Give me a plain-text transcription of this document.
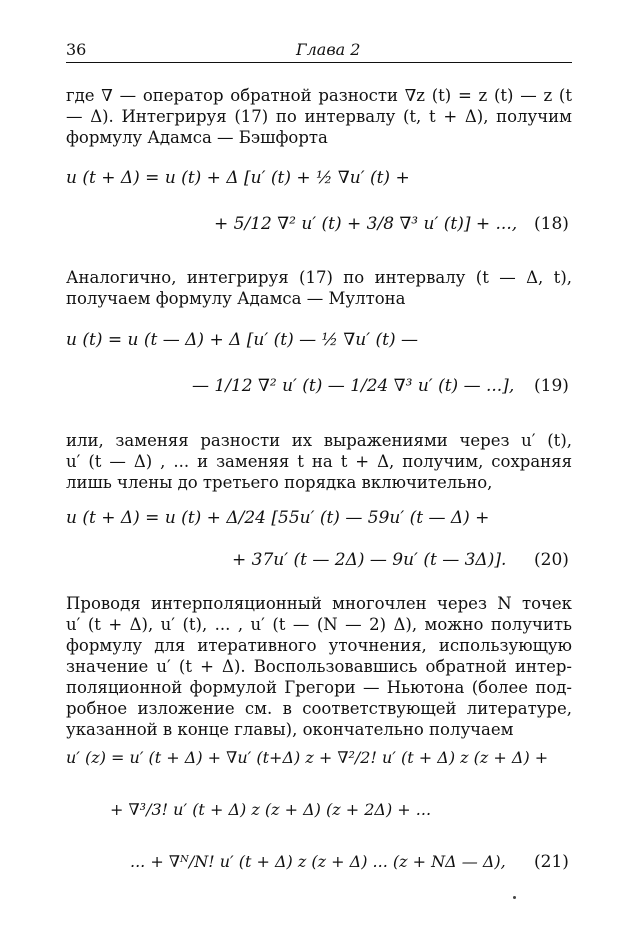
36	Глава 2
где ∇ — оператор обратной разности ∇z (t) = z (t) — z (t
— Δ). Интегрируя (17) по интервалу (t, t + Δ), получим
формулу Адамса — Бэшфорта
u (t + Δ) = u (t) + Δ [u′ (t) + ½ ∇u′ (t) +
+ 5/12 ∇² u′ (t) + 3/8 ∇³ u′ (t)] + ..., (18)
Аналогично, интегрируя (17) по интервалу (t — Δ, t),
получаем формулу Адамса — Мултона
u (t) = u (t — Δ) + Δ [u′ (t) — ½ ∇u′ (t) —
— 1/12 ∇² u′ (t) — 1/24 ∇³ u′ (t) — ...], (19)
или, заменяя разности их выражениями через u′ (t),
u′ (t — Δ) , ... и заменяя t на t + Δ, получим, сохраняя
лишь члены до третьего порядка включительно,
u (t + Δ) = u (t) + Δ/24 [55u′ (t) — 59u′ (t — Δ) +
+ 37u′ (t — 2Δ) — 9u′ (t — 3Δ)]. (20)
Проводя интерполяционный многочлен через N точек
u′ (t + Δ), u′ (t), ... , u′ (t — (N — 2) Δ), можно получить
формулу для итеративного уточнения, использующую
значение u′ (t + Δ). Воспользовавшись обратной интер-
поляционной формулой Грегори — Ньютона (более под-
робное изложение см. в соответствующей литературе,
указанной в конце главы), окончательно получаем
u′ (z) = u′ (t + Δ) + ∇u′ (t+Δ) z + ∇²/2! u′ (t + Δ) z (z + Δ) +
+ ∇³/3! u′ (t + Δ) z (z + Δ) (z + 2Δ) + ...
... + ∇ᴺ/N! u′ (t + Δ) z (z + Δ) ... (z + NΔ — Δ), (21)
